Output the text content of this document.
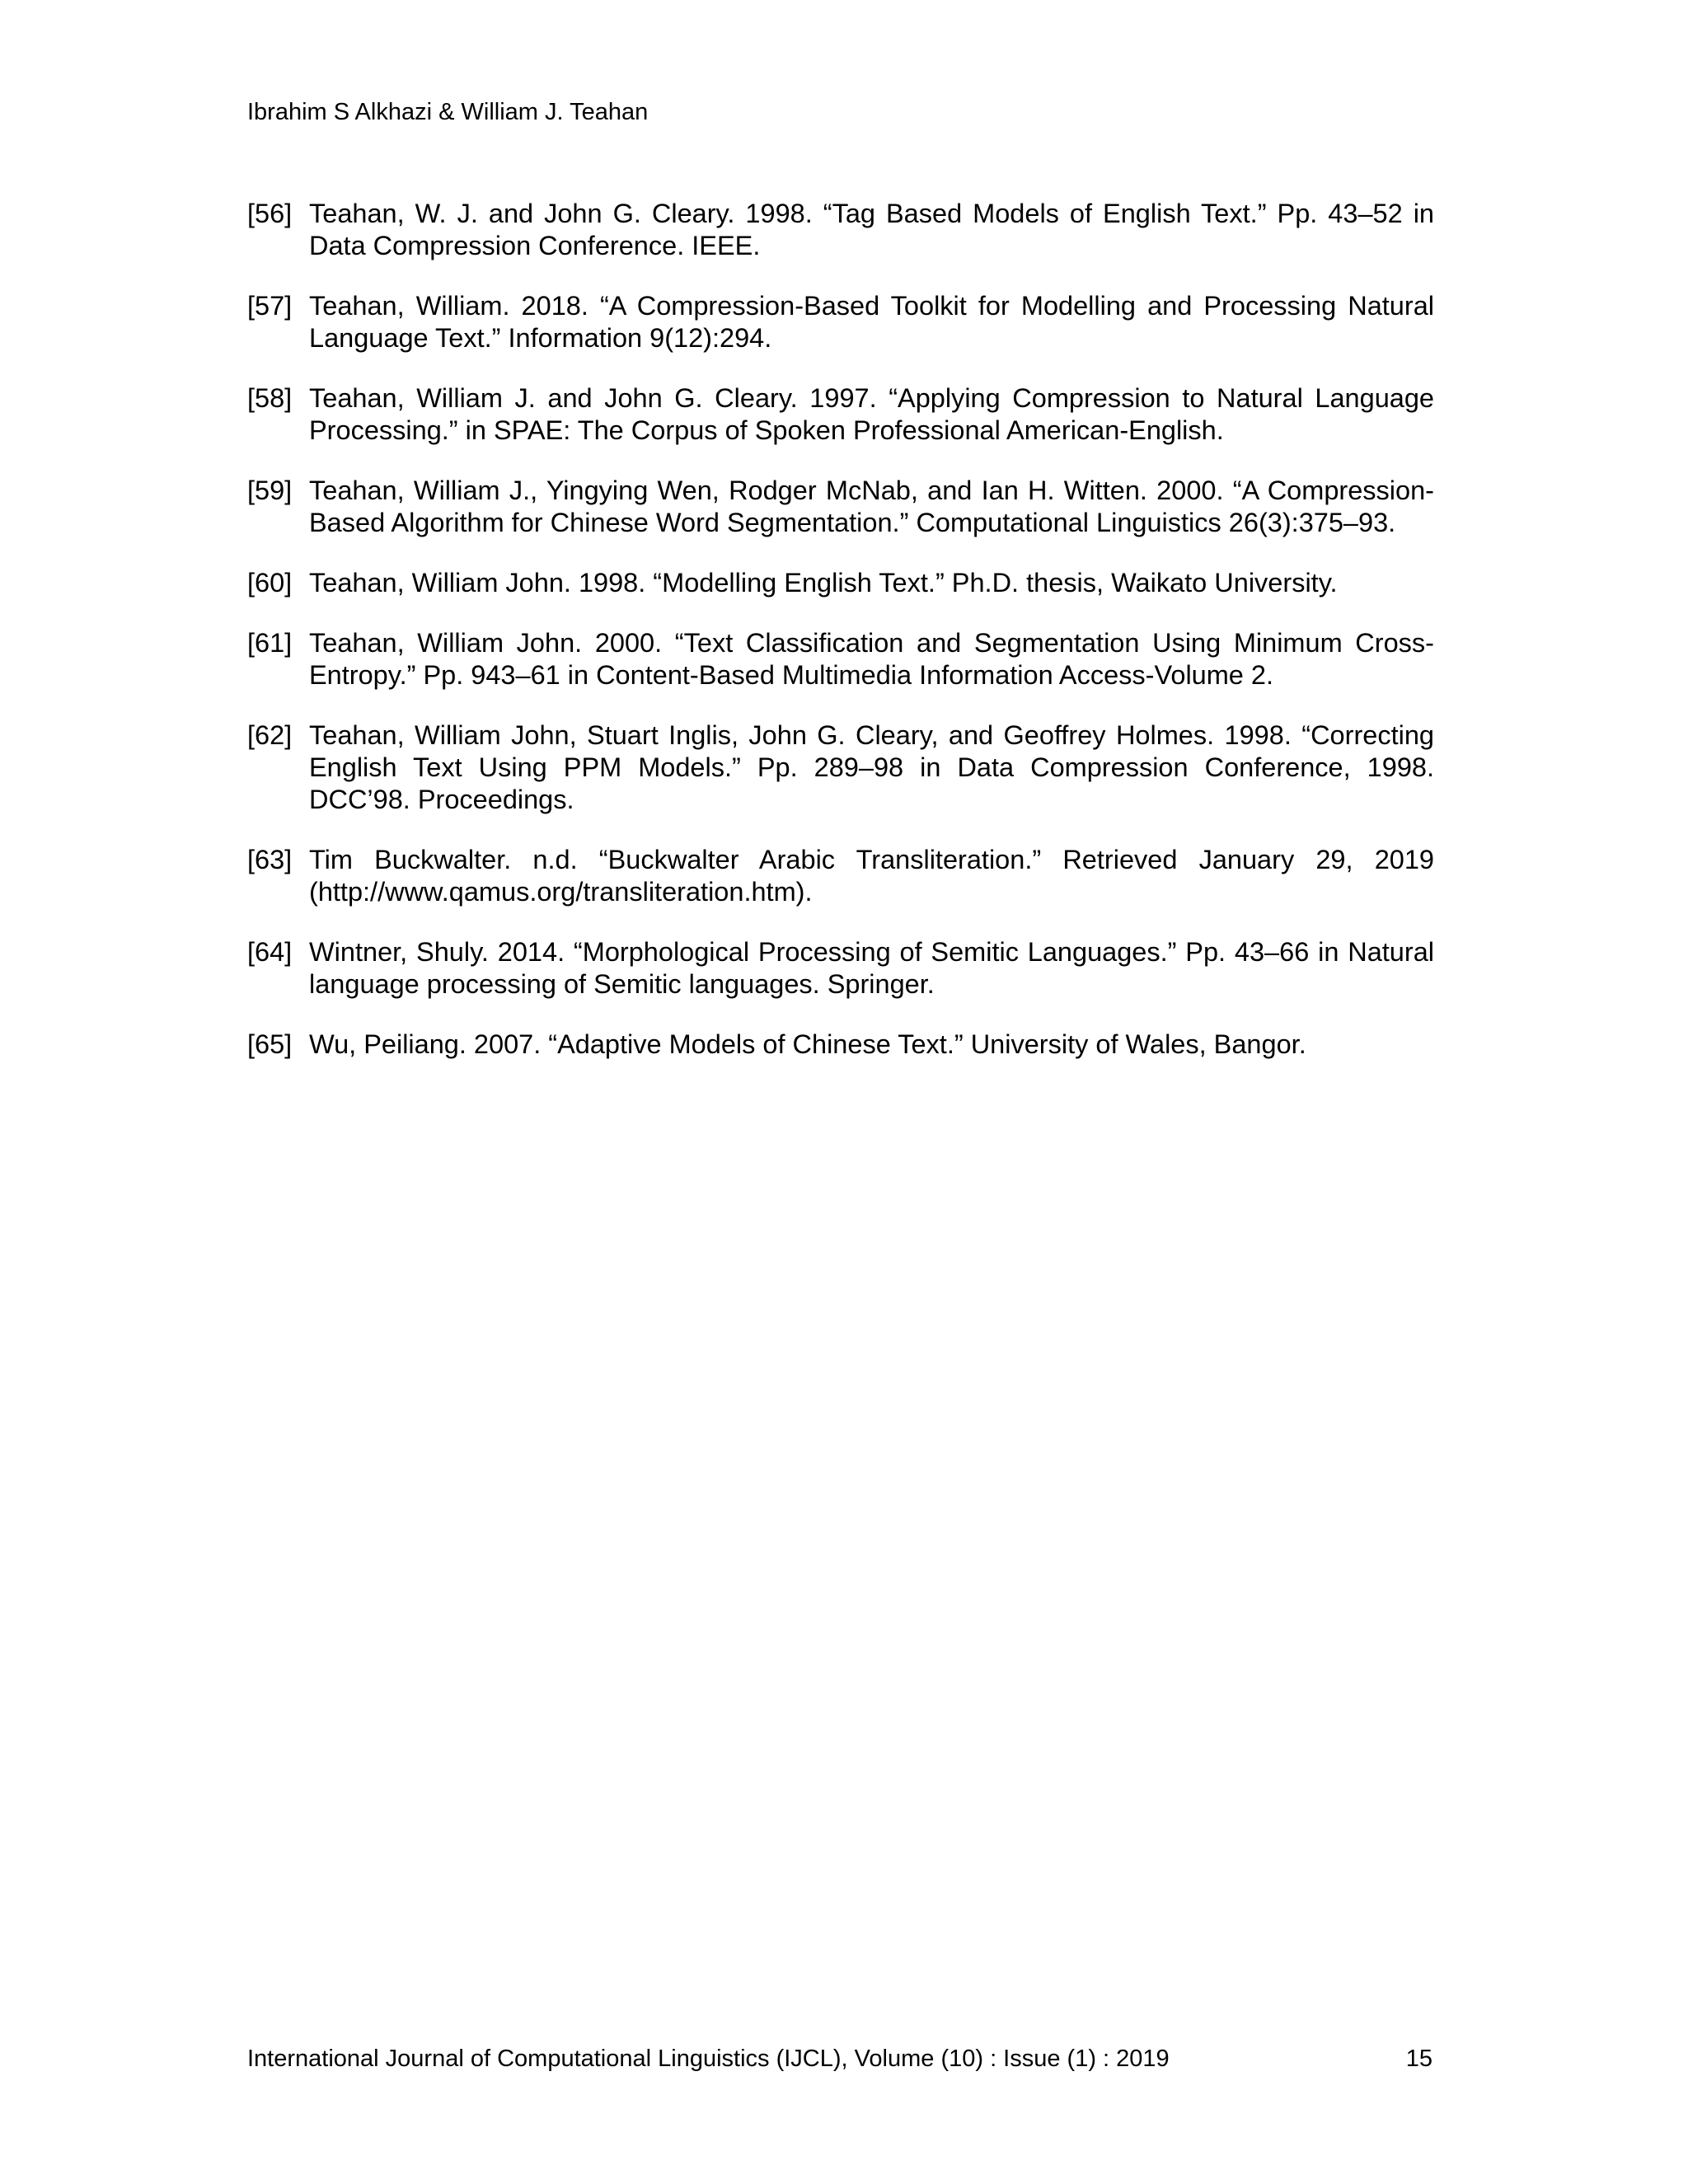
Ibrahim S Alkhazi & William J. Teahan
[56] Teahan, W. J. and John G. Cleary. 1998. “Tag Based Models of English Text.” Pp. 43–52 in Data Compression Conference. IEEE.
[57] Teahan, William. 2018. “A Compression-Based Toolkit for Modelling and Processing Natural Language Text.” Information 9(12):294.
[58] Teahan, William J. and John G. Cleary. 1997. “Applying Compression to Natural Language Processing.” in SPAE: The Corpus of Spoken Professional American-English.
[59] Teahan, William J., Yingying Wen, Rodger McNab, and Ian H. Witten. 2000. “A Compression-Based Algorithm for Chinese Word Segmentation.” Computational Linguistics 26(3):375–93.
[60] Teahan, William John. 1998. “Modelling English Text.” Ph.D. thesis, Waikato University.
[61] Teahan, William John. 2000. “Text Classification and Segmentation Using Minimum Cross-Entropy.” Pp. 943–61 in Content-Based Multimedia Information Access-Volume 2.
[62] Teahan, William John, Stuart Inglis, John G. Cleary, and Geoffrey Holmes. 1998. “Correcting English Text Using PPM Models.” Pp. 289–98 in Data Compression Conference, 1998. DCC’98. Proceedings.
[63] Tim Buckwalter. n.d. “Buckwalter Arabic Transliteration.” Retrieved January 29, 2019 (http://www.qamus.org/transliteration.htm).
[64] Wintner, Shuly. 2014. “Morphological Processing of Semitic Languages.” Pp. 43–66 in Natural language processing of Semitic languages. Springer.
[65] Wu, Peiliang. 2007. “Adaptive Models of Chinese Text.” University of Wales, Bangor.
International Journal of Computational Linguistics (IJCL), Volume (10) : Issue (1) : 2019	15
